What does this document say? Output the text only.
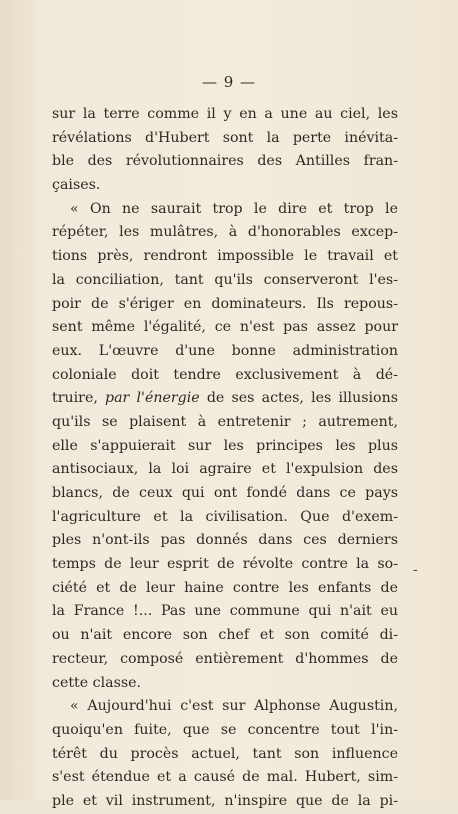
— 9 —
sur la terre comme il y en a une au ciel, les
révélations d'Hubert sont la perte inévita-
ble des révolutionnaires des Antilles fran-
çaises.
« On ne saurait trop le dire et trop le
répéter, les mulâtres, à d'honorables excep-
tions près, rendront impossible le travail et
la conciliation, tant qu'ils conserveront l'es-
poir de s'ériger en dominateurs. Ils repous-
sent même l'égalité, ce n'est pas assez pour
eux. L'œuvre d'une bonne administration
coloniale doit tendre exclusivement à dé-
truire, par l'énergie de ses actes, les illusions
qu'ils se plaisent à entretenir ; autrement,
elle s'appuierait sur les principes les plus
antisociaux, la loi agraire et l'expulsion des
blancs, de ceux qui ont fondé dans ce pays
l'agriculture et la civilisation. Que d'exem-
ples n'ont-ils pas donnés dans ces derniers
temps de leur esprit de révolte contre la so-
ciété et de leur haine contre les enfants de
la France !... Pas une commune qui n'ait eu
ou n'ait encore son chef et son comité di-
recteur, composé entièrement d'hommes de
cette classe.
« Aujourd'hui c'est sur Alphonse Augustin,
quoiqu'en fuite, que se concentre tout l'in-
térêt du procès actuel, tant son influence
s'est étendue et a causé de mal. Hubert, sim-
ple et vil instrument, n'inspire que de la pi-
-
